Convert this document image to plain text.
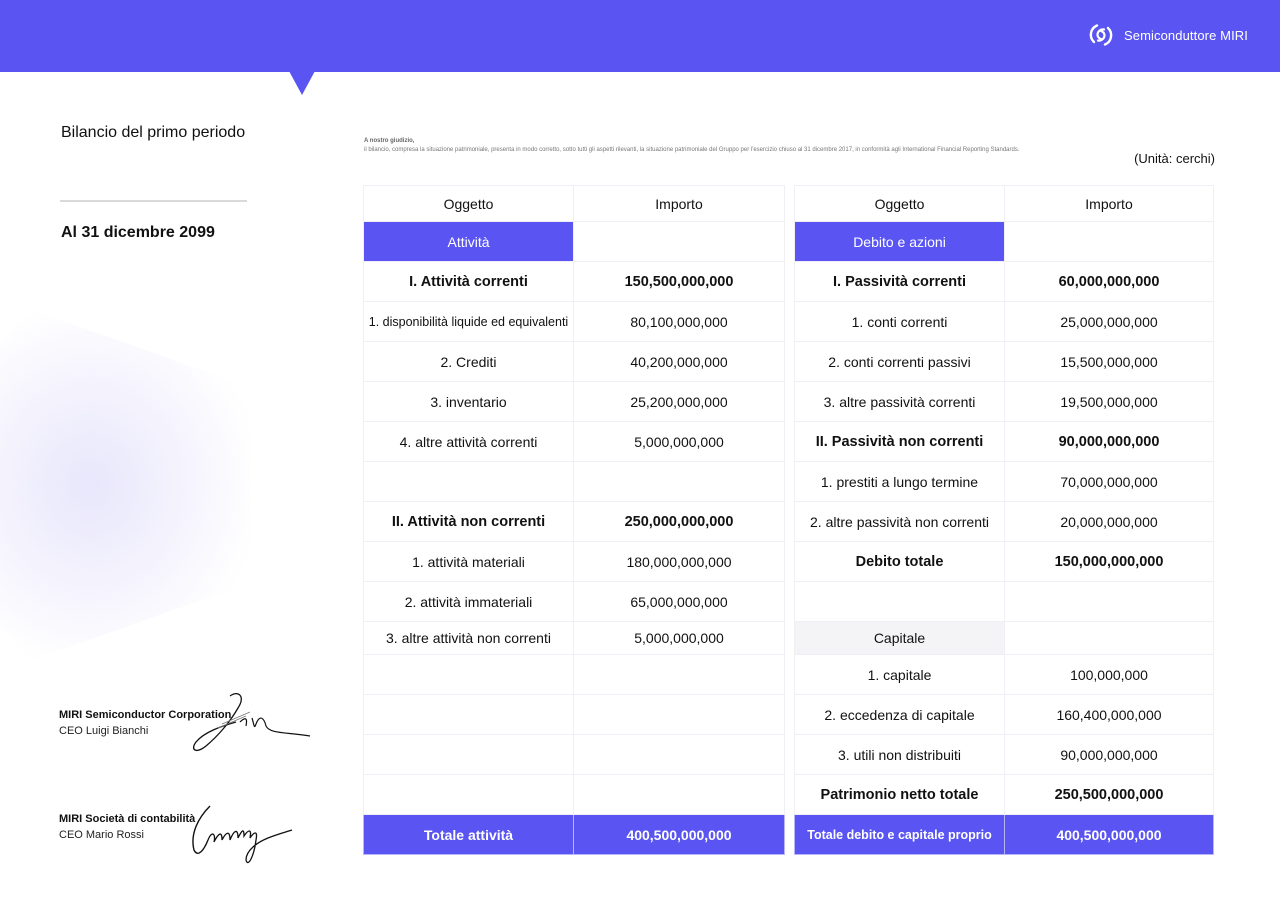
Semiconduttore MIRI
Bilancio del primo periodo
Al 31 dicembre 2099
MIRI Semiconductor Corporation
CEO Luigi Bianchi
MIRI Società di contabilità
CEO Mario Rossi
A nostro giudizio,
il bilancio, compresa la situazione patrimoniale, presenta in modo corretto, sotto tutti gli aspetti rilevanti, la situazione patrimoniale del Gruppo per l'esercizio chiuso al 31 dicembre 2017, in conformità agli International Financial Reporting Standards.
(Unità: cerchi)
Oggetto	Importo
Attività	
I. Attività correnti	150,500,000,000
1. disponibilità liquide ed equivalenti	80,100,000,000
2. Crediti	40,200,000,000
3. inventario	25,200,000,000
4. altre attività correnti	5,000,000,000

II. Attività non correnti	250,000,000,000
1. attività materiali	180,000,000,000
2. attività immateriali	65,000,000,000
3. altre attività non correnti	5,000,000,000

Totale attività	400,500,000,000
Oggetto	Importo
Debito e azioni	
I. Passività correnti	60,000,000,000
1. conti correnti	25,000,000,000
2. conti correnti passivi	15,500,000,000
3. altre passività correnti	19,500,000,000
II. Passività non correnti	90,000,000,000
1. prestiti a lungo termine	70,000,000,000
2. altre passività non correnti	20,000,000,000
Debito totale	150,000,000,000

Capitale	
1. capitale	100,000,000
2. eccedenza di capitale	160,400,000,000
3. utili non distribuiti	90,000,000,000
Patrimonio netto totale	250,500,000,000
Totale debito e capitale proprio	400,500,000,000
